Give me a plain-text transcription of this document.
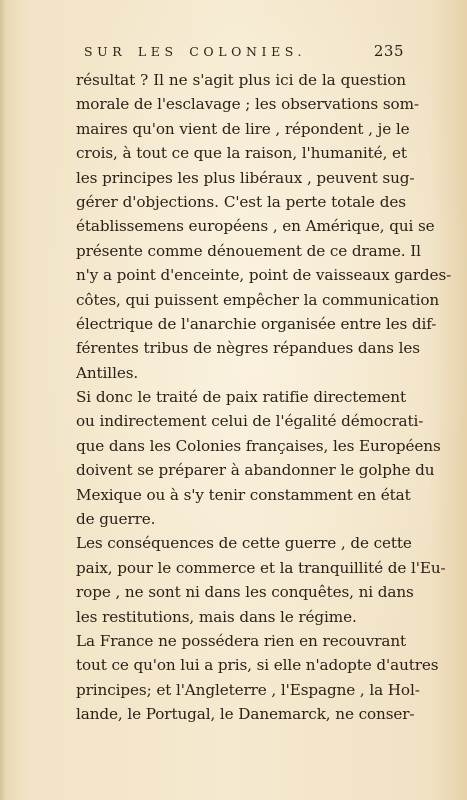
SUR LES COLONIES.	235
résultat ? Il ne s'agit plus ici de la question
morale de l'esclavage ; les observations som-
maires qu'on vient de lire , répondent , je le
crois, à tout ce que la raison, l'humanité, et
les principes les plus libéraux , peuvent sug-
gérer d'objections. C'est la perte totale des
établissemens européens , en Amérique, qui se
présente comme dénouement de ce drame. Il
n'y a point d'enceinte, point de vaisseaux gardes-
côtes, qui puissent empêcher la communication
électrique de l'anarchie organisée entre les dif-
férentes tribus de nègres répandues dans les
Antilles.
Si donc le traité de paix ratifie directement
ou indirectement celui de l'égalité démocrati-
que dans les Colonies françaises, les Européens
doivent se préparer à abandonner le golphe du
Mexique ou à s'y tenir constamment en état
de guerre.
Les conséquences de cette guerre , de cette
paix, pour le commerce et la tranquillité de l'Eu-
rope , ne sont ni dans les conquêtes, ni dans
les restitutions, mais dans le régime.
La France ne possédera rien en recouvrant
tout ce qu'on lui a pris, si elle n'adopte d'autres
principes; et l'Angleterre , l'Espagne , la Hol-
lande, le Portugal, le Danemarck, ne conser-
